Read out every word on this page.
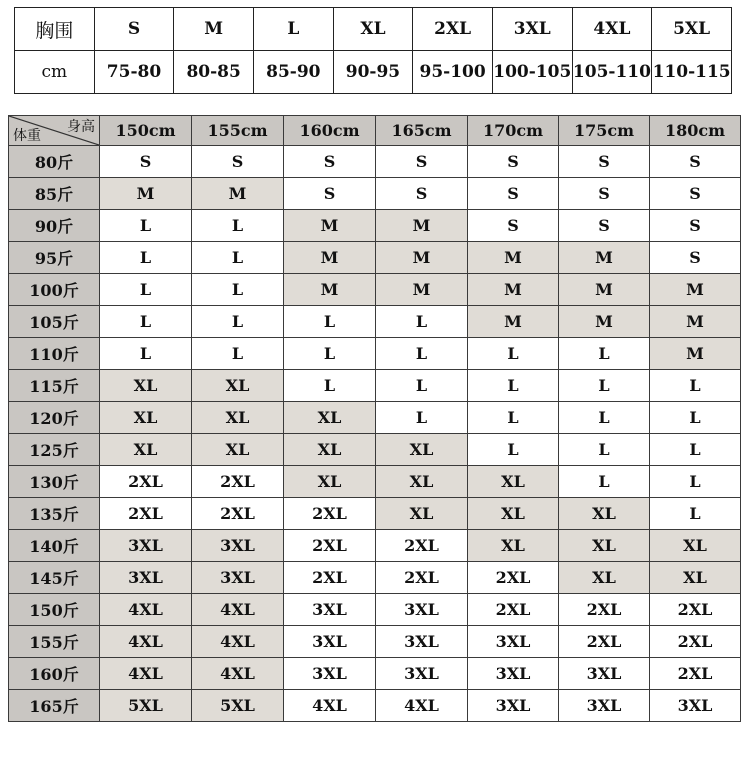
胸围	S	M	L	XL	2XL	3XL	4XL	5XL
cm	75-80	80-85	85-90	90-95	95-100	100-105	105-110	110-115
身高
体重	150cm	155cm	160cm	165cm	170cm	175cm	180cm
80斤	S	S	S	S	S	S	S
85斤	M	M	S	S	S	S	S
90斤	L	L	M	M	S	S	S
95斤	L	L	M	M	M	M	S
100斤	L	L	M	M	M	M	M
105斤	L	L	L	L	M	M	M
110斤	L	L	L	L	L	L	M
115斤	XL	XL	L	L	L	L	L
120斤	XL	XL	XL	L	L	L	L
125斤	XL	XL	XL	XL	L	L	L
130斤	2XL	2XL	XL	XL	XL	L	L
135斤	2XL	2XL	2XL	XL	XL	XL	L
140斤	3XL	3XL	2XL	2XL	XL	XL	XL
145斤	3XL	3XL	2XL	2XL	2XL	XL	XL
150斤	4XL	4XL	3XL	3XL	2XL	2XL	2XL
155斤	4XL	4XL	3XL	3XL	3XL	2XL	2XL
160斤	4XL	4XL	3XL	3XL	3XL	3XL	2XL
165斤	5XL	5XL	4XL	4XL	3XL	3XL	3XL
